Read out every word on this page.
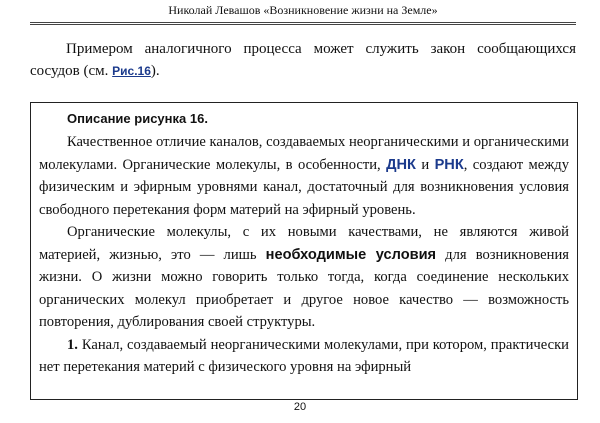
Николай Левашов «Возникновение жизни на Земле»

Примером аналогичного процесса может служить закон сообщающихся сосудов (см. Рис.16).

Описание рисунка 16.

Качественное отличие каналов, создаваемых неорганическими и органическими молекулами. Органические молекулы, в особенности, ДНК и РНК, создают между физическим и эфирным уровнями канал, достаточный для возникновения условия свободного перетекания форм материй на эфирный уровень.

Органические молекулы, с их новыми качествами, не являются живой материей, жизнью, это — лишь необходимые условия для возникновения жизни. О жизни можно говорить только тогда, когда соединение нескольких органических молекул приобретает и другое новое качество — возможность повторения, дублирования своей структуры.

1. Канал, создаваемый неорганическими молекулами, при котором, практически нет перетекания материй с физического уровня на эфирный

20
